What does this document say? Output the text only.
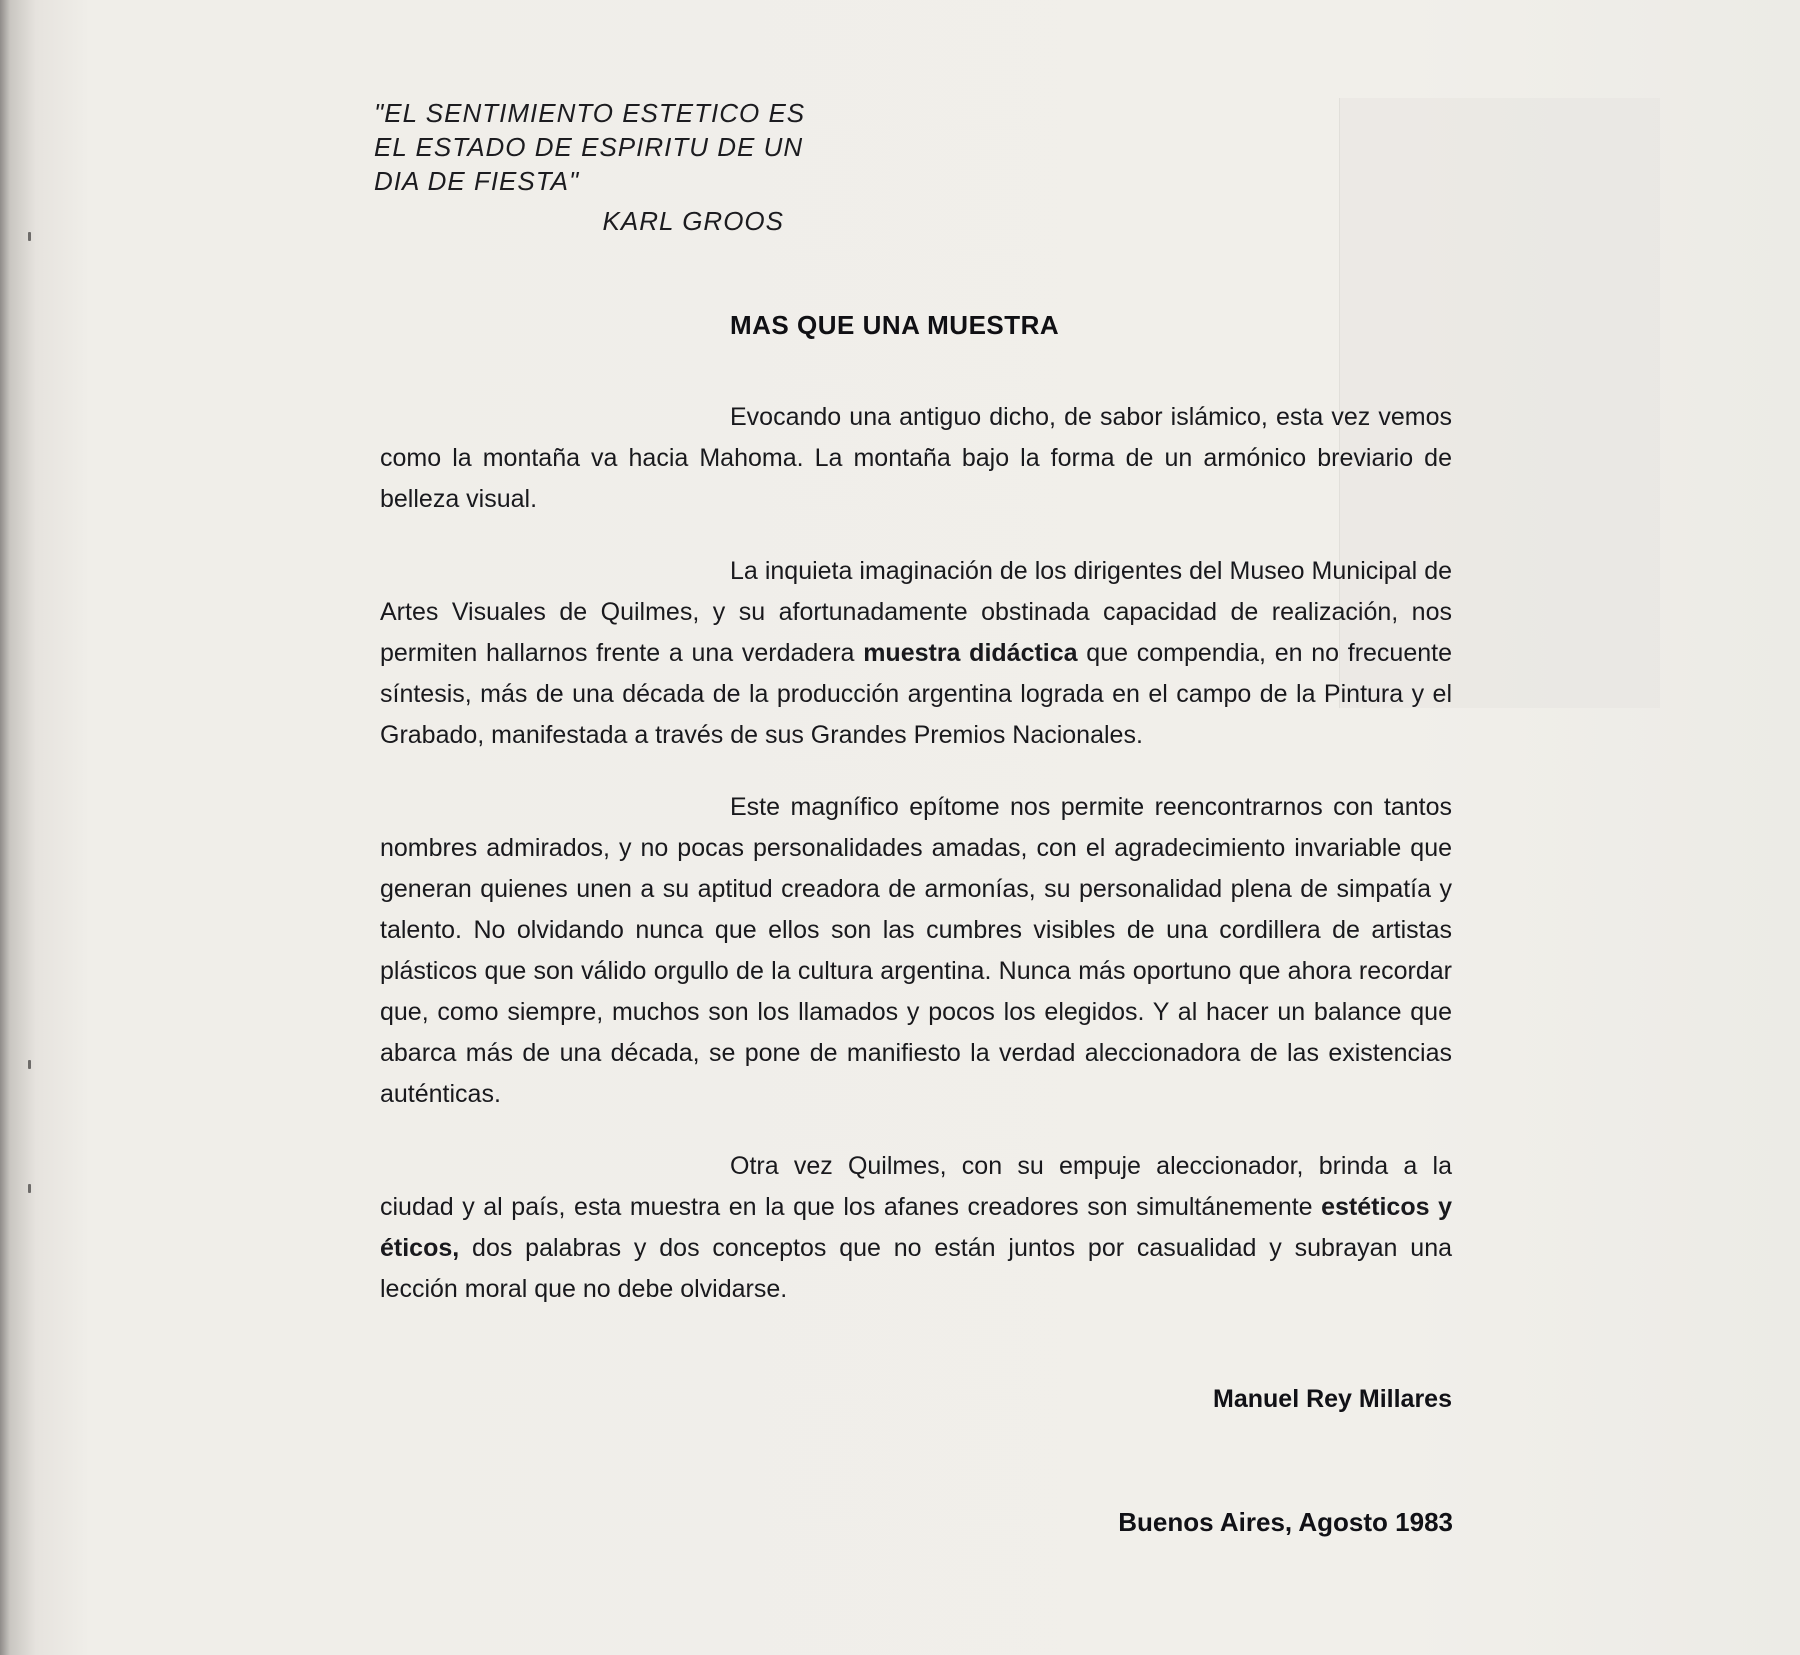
"EL SENTIMIENTO ESTETICO ES
EL ESTADO DE ESPIRITU DE UN
DIA DE FIESTA"
KARL GROOS
MAS QUE UNA MUESTRA

Evocando una antiguo dicho, de sabor islámico, esta vez vemos como la montaña va hacia Mahoma. La montaña bajo la forma de un armónico breviario de belleza visual.

La inquieta imaginación de los dirigentes del Museo Municipal de Artes Visuales de Quilmes, y su afortunadamente obstinada capacidad de realización, nos permiten hallarnos frente a una verdadera muestra didáctica que compendia, en no frecuente síntesis, más de una década de la producción argentina lograda en el campo de la Pintura y el Grabado, manifestada a través de sus Grandes Premios Nacionales.

Este magnífico epítome nos permite reencontrarnos con tantos nombres admirados, y no pocas personalidades amadas, con el agradecimiento invariable que generan quienes unen a su aptitud creadora de armonías, su personalidad plena de simpatía y talento. No olvidando nunca que ellos son las cumbres visibles de una cordillera de artistas plásticos que son válido orgullo de la cultura argentina. Nunca más oportuno que ahora recordar que, como siempre, muchos son los llamados y pocos los elegidos. Y al hacer un balance que abarca más de una década, se pone de manifiesto la verdad aleccionadora de las existencias auténticas.

Otra vez Quilmes, con su empuje aleccionador, brinda a la ciudad y al país, esta muestra en la que los afanes creadores son simultánemente estéticos y éticos, dos palabras y dos conceptos que no están juntos por casualidad y subrayan una lección moral que no debe olvidarse.

Manuel Rey Millares
Buenos Aires, Agosto 1983
